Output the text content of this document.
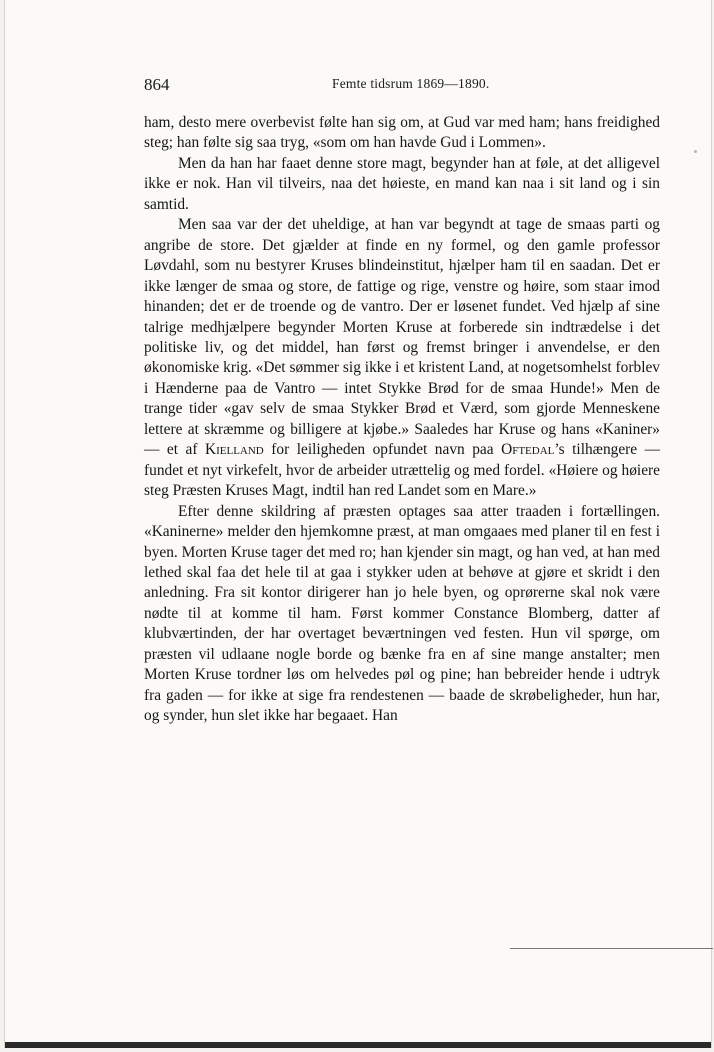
864	Femte tidsrum 1869—1890.

ham, desto mere overbevist følte han sig om, at Gud var med ham; hans freidighed steg; han følte sig saa tryg, «som om han havde Gud i Lommen».

Men da han har faaet denne store magt, begynder han at føle, at det alligevel ikke er nok. Han vil tilveirs, naa det høieste, en mand kan naa i sit land og i sin samtid.

Men saa var der det uheldige, at han var begyndt at tage de smaas parti og angribe de store. Det gjælder at finde en ny formel, og den gamle professor Løvdahl, som nu bestyrer Kruses blindeinstitut, hjælper ham til en saadan. Det er ikke længer de smaa og store, de fattige og rige, venstre og høire, som staar imod hinanden; det er de troende og de vantro. Der er løsenet fundet. Ved hjælp af sine talrige medhjælpere begynder Morten Kruse at forberede sin indtrædelse i det politiske liv, og det middel, han først og fremst bringer i anvendelse, er den økonomiske krig. «Det sømmer sig ikke i et kristent Land, at nogetsomhelst forblev i Hænderne paa de Vantro — intet Stykke Brød for de smaa Hunde!» Men de trange tider «gav selv de smaa Stykker Brød et Værd, som gjorde Menneskene lettere at skræmme og billigere at kjøbe.» Saaledes har Kruse og hans «Kaniner» — et af Kielland for leiligheden opfundet navn paa Oftedal’s tilhængere — fundet et nyt virkefelt, hvor de arbeider utrættelig og med fordel. «Høiere og høiere steg Præsten Kruses Magt, indtil han red Landet som en Mare.»

Efter denne skildring af præsten optages saa atter traaden i fortællingen. «Kaninerne» melder den hjemkomne præst, at man omgaaes med planer til en fest i byen. Morten Kruse tager det med ro; han kjender sin magt, og han ved, at han med lethed skal faa det hele til at gaa i stykker uden at behøve at gjøre et skridt i den anledning. Fra sit kontor dirigerer han jo hele byen, og oprørerne skal nok være nødte til at komme til ham. Først kommer Constance Blomberg, datter af klubværtinden, der har overtaget beværtningen ved festen. Hun vil spørge, om præsten vil udlaane nogle borde og bænke fra en af sine mange anstalter; men Morten Kruse tordner løs om helvedes pøl og pine; han bebreider hende i udtryk fra gaden — for ikke at sige fra rendestenen — baade de skrøbeligheder, hun har, og synder, hun slet ikke har begaaet. Han
